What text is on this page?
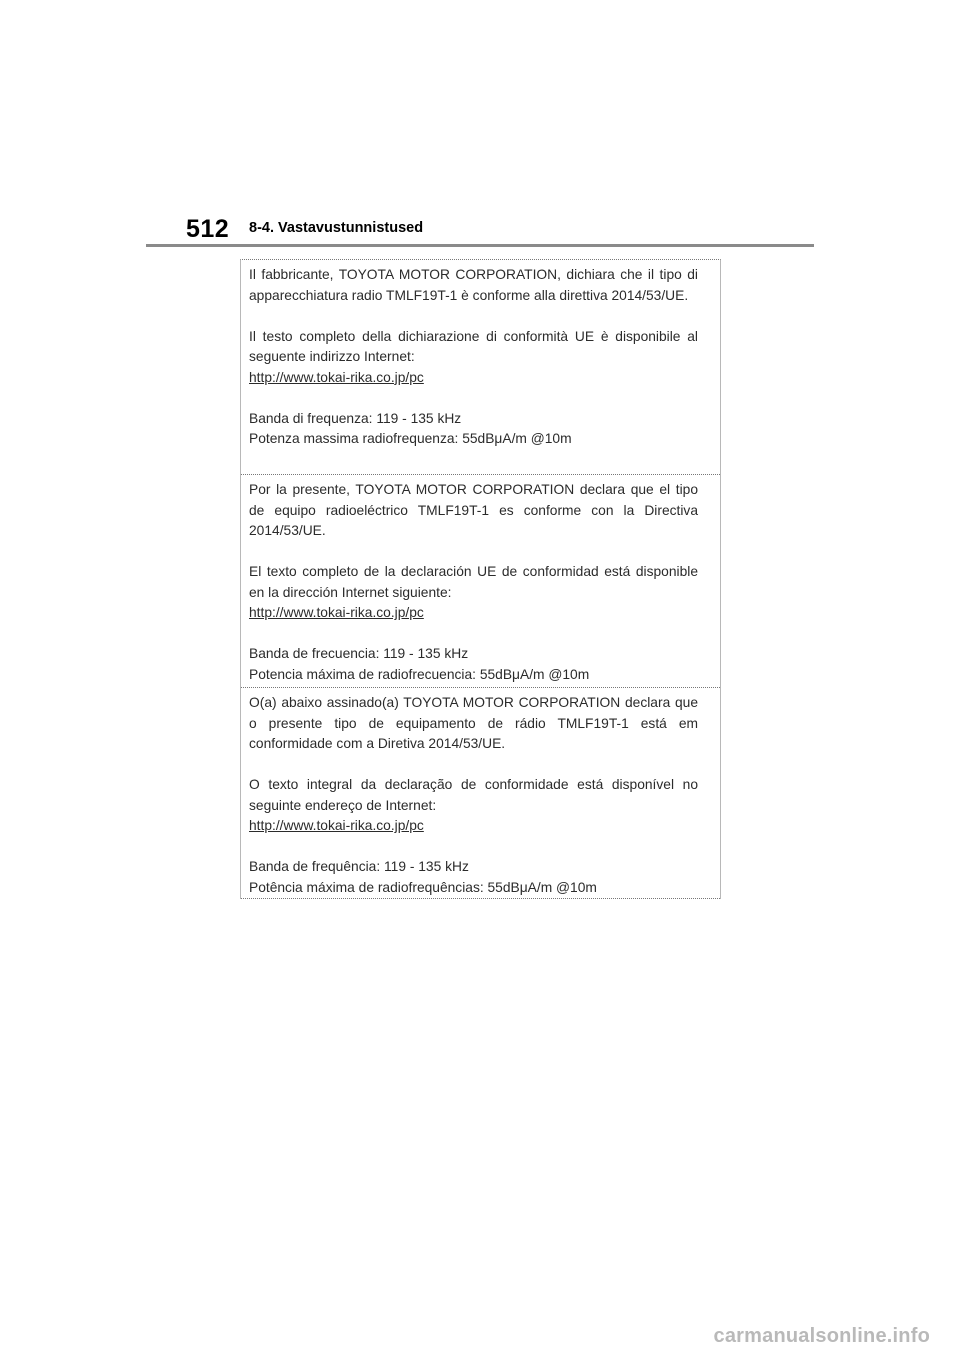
512 8-4. Vastavustunnistused

Il fabbricante, TOYOTA MOTOR CORPORATION, dichiara che il tipo di apparecchiatura radio TMLF19T-1 è conforme alla direttiva 2014/53/UE.

Il testo completo della dichiarazione di conformità UE è disponibile al seguente indirizzo Internet:

http://www.tokai-rika.co.jp/pc

Banda di frequenza: 119 - 135 kHz

Potenza massima radiofrequenza: 55dBμA/m @10m

Por la presente, TOYOTA MOTOR CORPORATION declara que el tipo de equipo radioeléctrico TMLF19T-1 es conforme con la Directiva 2014/53/UE.

El texto completo de la declaración UE de conformidad está disponible en la dirección Internet siguiente:

http://www.tokai-rika.co.jp/pc

Banda de frecuencia: 119 - 135 kHz

Potencia máxima de radiofrecuencia: 55dBμA/m @10m

O(a) abaixo assinado(a) TOYOTA MOTOR CORPORATION declara que o presente tipo de equipamento de rádio TMLF19T-1 está em conformidade com a Diretiva 2014/53/UE.

O texto integral da declaração de conformidade está disponível no seguinte endereço de Internet:

http://www.tokai-rika.co.jp/pc

Banda de frequência: 119 - 135 kHz

Potência máxima de radiofrequências: 55dBμA/m @10m

carmanualsonline.info
